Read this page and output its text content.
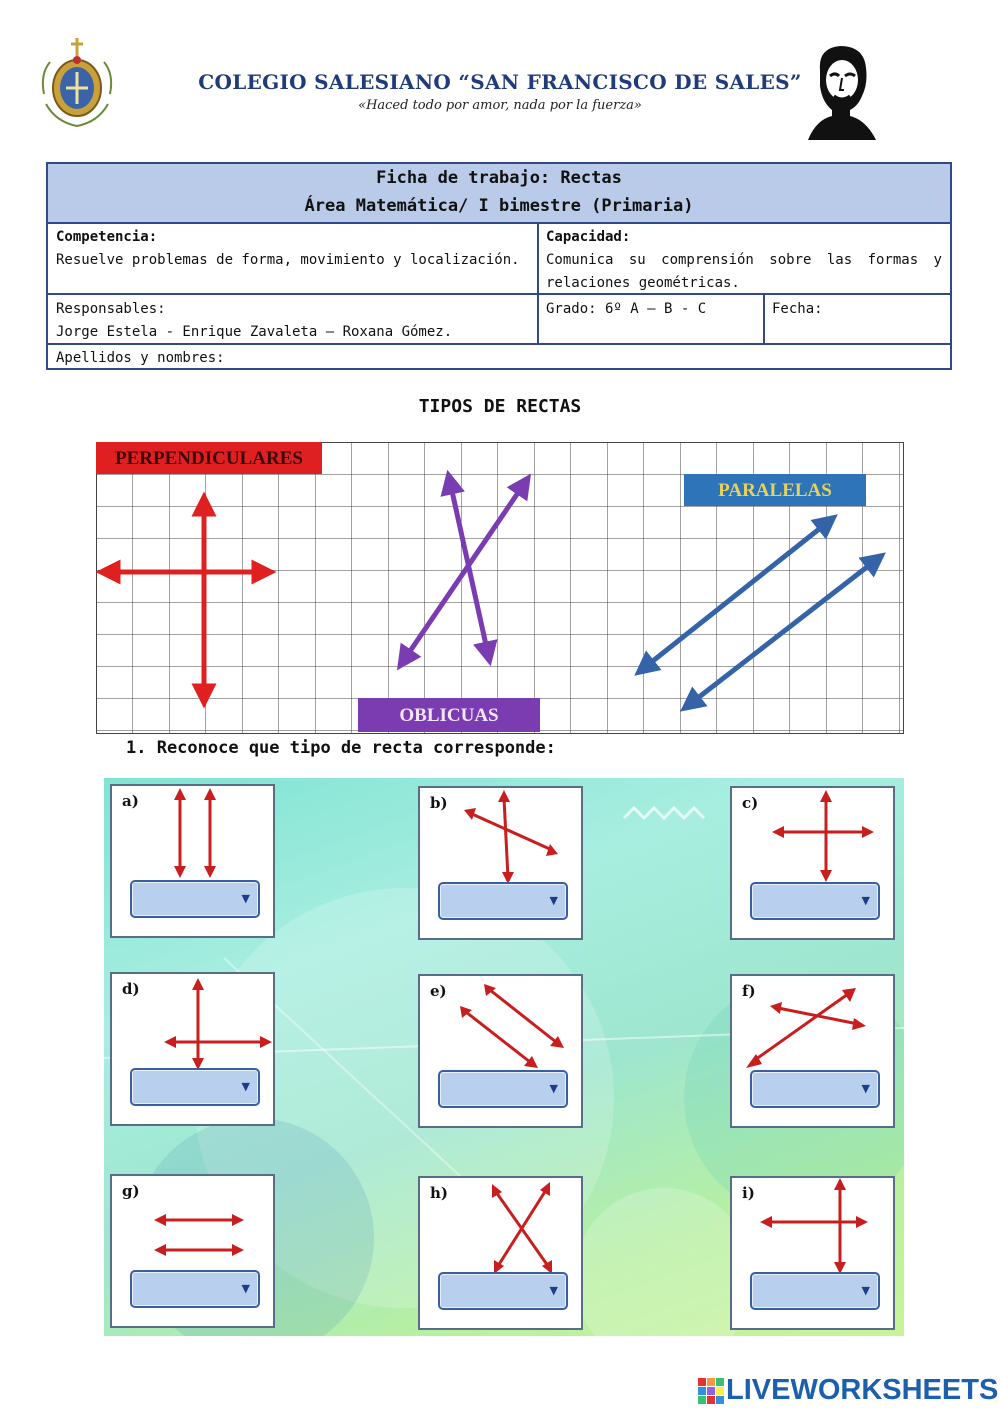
COLEGIO SALESIANO “SAN FRANCISCO DE SALES”
«Haced todo por amor, nada por la fuerza»
Ficha de trabajo: Rectas
Área Matemática/ I bimestre (Primaria)
Competencia:
Resuelve problemas de forma, movimiento y localización.
Capacidad:
Comunica su comprensión sobre las formas y
relaciones geométricas.
Responsables:
Jorge Estela - Enrique Zavaleta – Roxana Gómez.
Grado: 6º A – B - C	Fecha:
Apellidos y nombres:
TIPOS DE RECTAS
PERPENDICULARES
PARALELAS
OBLICUAS
1. Reconoce que tipo de recta corresponde:
a)
▼
b)
▼
c)
▼
d)
▼
e)
▼
f)
▼
g)
▼
h)
▼
i)
▼
LIVEWORKSHEETS
